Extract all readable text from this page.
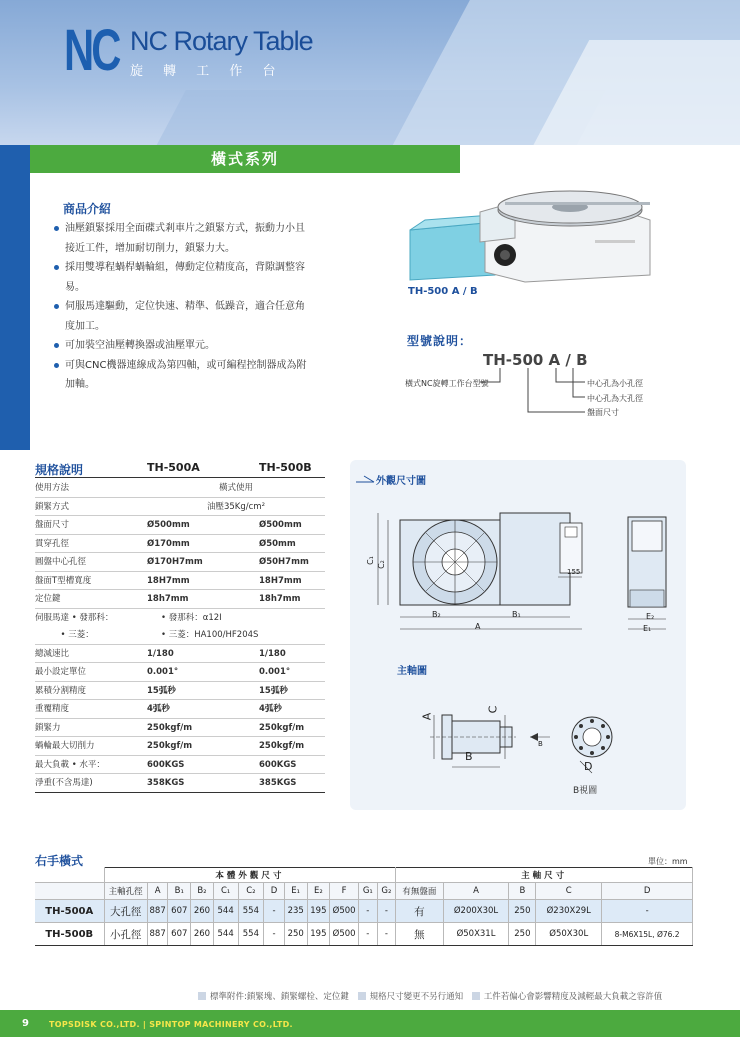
NC NC Rotary Table
旋 轉 工 作 台
橫式系列
商品介紹
油壓鎖緊採用全面碟式剎車片之鎖緊方式，振動力小且接近工件，增加耐切削力，鎖緊力大。
採用雙導程蝸桿蝸輪組，傳動定位精度高，背隙調整容易。
伺服馬達驅動，定位快速、精準、低躁音，適合任意角度加工。
可加裝空油壓轉換器或油壓單元。
可與CNC機器連線成為第四軸，或可編程控制器成為附加軸。
TH-500 A / B
型號說明：
TH-500 A / B
橫式NC旋轉工作台型號	中心孔為小孔徑
中心孔為大孔徑
盤面尺寸
規格說明	TH-500A	TH-500B
使用方法	橫式使用
鎖緊方式	油壓35Kg/cm²
盤面尺寸	Ø500mm	Ø500mm
貫穿孔徑	Ø170mm	Ø50mm
圓盤中心孔徑	Ø170H7mm	Ø50H7mm
盤面T型槽寬度	18H7mm	18H7mm
定位鍵	18h7mm	18h7mm
伺服馬達 • 發那科：	• 發那科：α12I
　　　• 三菱：	• 三菱：HA100/HF204S
總減速比	1/180	1/180
最小設定單位	0.001°	0.001°
累積分割精度	15弧秒	15弧秒
重覆精度	4弧秒	4弧秒
鎖緊力	250kgf/m	250kgf/m
蝸輪最大切削力	250kgf/m	250kgf/m
最大負載 • 水平：	600KGS	600KGS
淨重(不含馬達)	358KGS	385KGS
外觀尺寸圖
C₁ C₂
B₂	B₁
A
155
E₂
E₁
主軸圖
A
C
B
B
D
B視圖
右手橫式	單位：mm
	本體外觀尺寸												主軸尺寸				
	主軸孔徑	A	B₁	B₂	C₁	C₂	D	E₁	E₂	F	G₁	G₂	有無盤面	A	B	C	D
TH-500A	大孔徑	887	607	260	544	554	-	235	195	Ø500	-	-	有	Ø200X30L	250	Ø230X29L	-
TH-500B	小孔徑	887	607	260	544	554	-	250	195	Ø500	-	-	無	Ø50X31L	250	Ø50X30L	8-M6X15L, Ø76.2
標準附件:鎖緊塊、鎖緊螺栓、定位鍵 規格尺寸變更不另行通知 工件若偏心會影響精度及減輕最大負載之容許值
9	TOPSDISK CO.,LTD. | SPINTOP MACHINERY CO.,LTD.
